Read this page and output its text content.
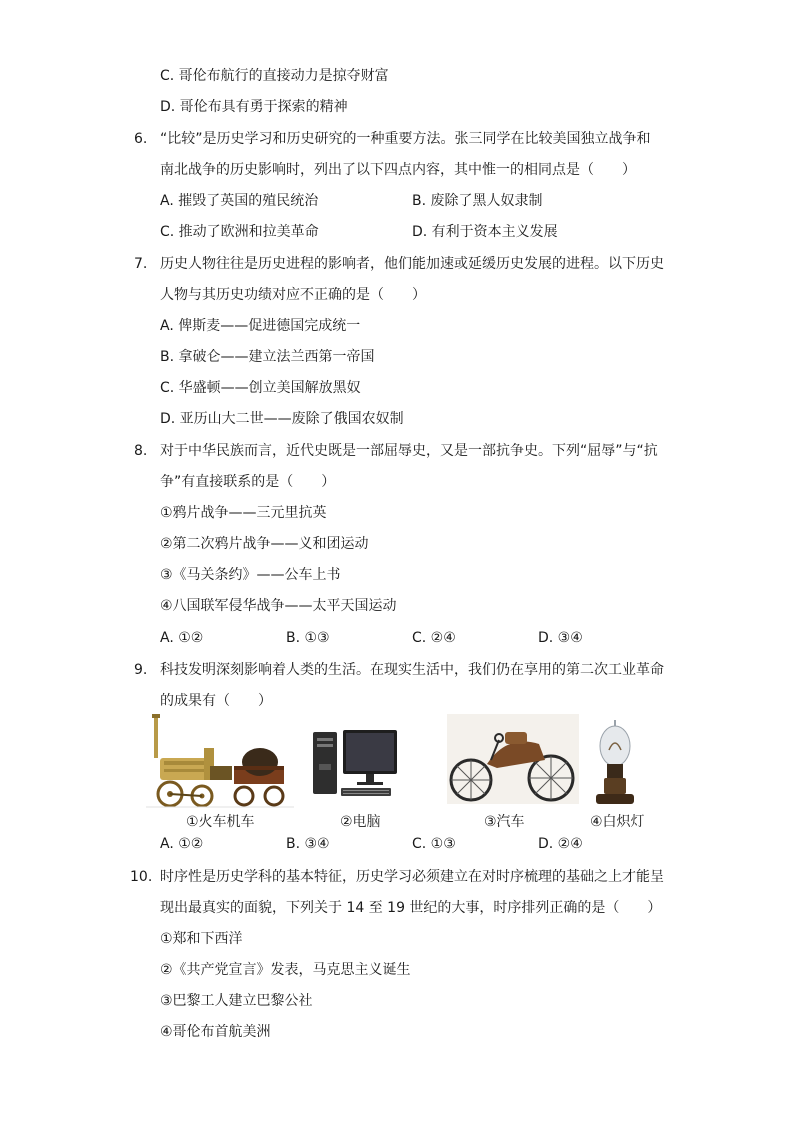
C. 哥伦布航行的直接动力是掠夺财富
D. 哥伦布具有勇于探索的精神
6. “比较”是历史学习和历史研究的一种重要方法。张三同学在比较美国独立战争和
南北战争的历史影响时，列出了以下四点内容，其中惟一的相同点是（　　）
A. 摧毁了英国的殖民统治	B. 废除了黑人奴隶制
C. 推动了欧洲和拉美革命	D. 有利于资本主义发展
7. 历史人物往往是历史进程的影响者，他们能加速或延缓历史发展的进程。以下历史
人物与其历史功绩对应不正确的是（　　）
A. 俾斯麦——促进德国完成统一
B. 拿破仑——建立法兰西第一帝国
C. 华盛顿——创立美国解放黑奴
D. 亚历山大二世——废除了俄国农奴制
8. 对于中华民族而言，近代史既是一部屈辱史，又是一部抗争史。下列“屈辱”与“抗
争”有直接联系的是（　　）
①鸦片战争——三元里抗英
②第二次鸦片战争——义和团运动
③《马关条约》——公车上书
④八国联军侵华战争——太平天国运动
A. ①②	B. ①③	C. ②④	D. ③④
9. 科技发明深刻影响着人类的生活。在现实生活中，我们仍在享用的第二次工业革命
的成果有（　　）
①火车机车	②电脑	③汽车	④白炽灯
A. ①②	B. ③④	C. ①③	D. ②④
10. 时序性是历史学科的基本特征，历史学习必须建立在对时序梳理的基础之上才能呈
现出最真实的面貌，下列关于 14 至 19 世纪的大事，时序排列正确的是（　　）
①郑和下西洋
②《共产党宣言》发表，马克思主义诞生
③巴黎工人建立巴黎公社
④哥伦布首航美洲
